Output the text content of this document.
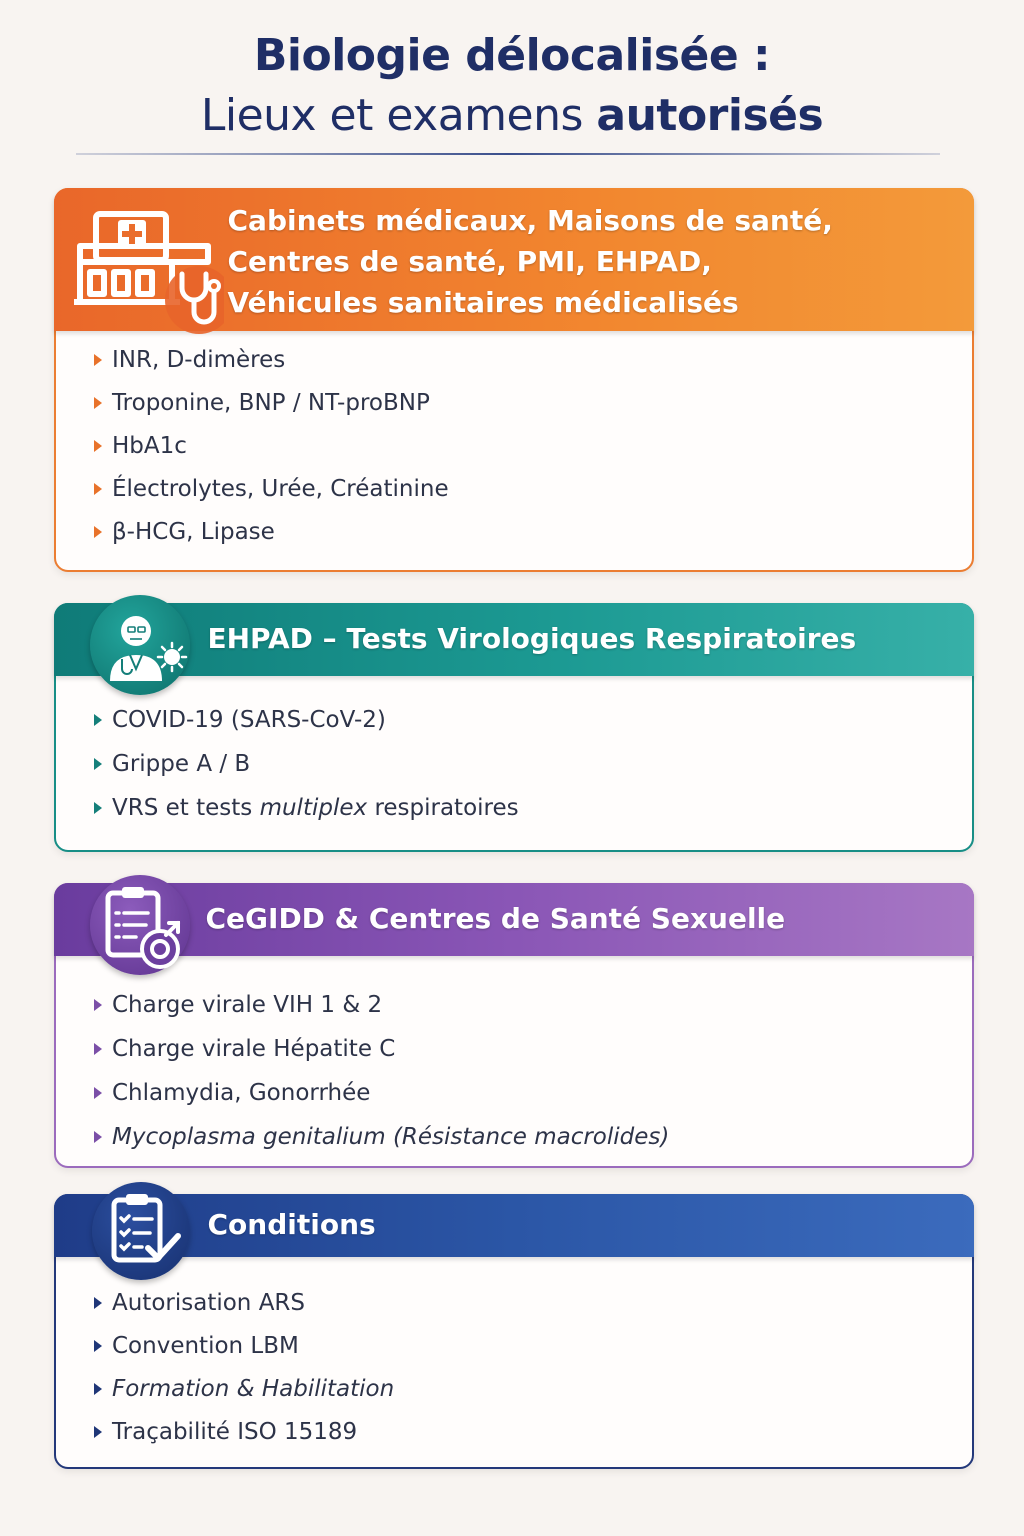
Biologie délocalisée :
Lieux et examens autorisés
Cabinets médicaux, Maisons de santé,
Centres de santé, PMI, EHPAD,
Véhicules sanitaires médicalisés
INR, D-dimères
Troponine, BNP / NT-proBNP
HbA1c
Électrolytes, Urée, Créatinine
β-HCG, Lipase
EHPAD – Tests Virologiques Respiratoires
COVID-19 (SARS-CoV-2)
Grippe A / B
VRS et tests multiplex respiratoires
CeGIDD & Centres de Santé Sexuelle
Charge virale VIH 1 & 2
Charge virale Hépatite C
Chlamydia, Gonorrhée
Mycoplasma genitalium (Résistance macrolides)
Conditions
Autorisation ARS
Convention LBM
Formation & Habilitation
Traçabilité ISO 15189
